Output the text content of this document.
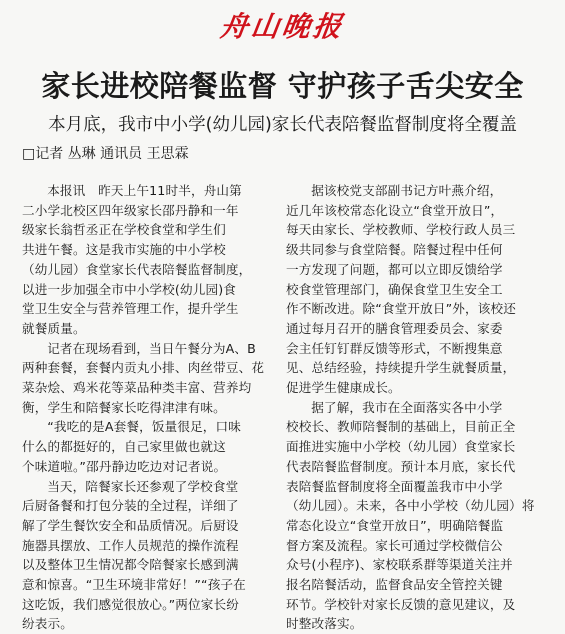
舟山晚报
家长进校陪餐监督 守护孩子舌尖安全
本月底，我市中小学(幼儿园)家长代表陪餐监督制度将全覆盖
□记者 丛琳 通讯员 王思霖
本报讯　昨天上午11时半，舟山第
二小学北校区四年级家长邵丹静和一年
级家长翁哲丞正在学校食堂和学生们
共进午餐。这是我市实施的中小学校
（幼儿园）食堂家长代表陪餐监督制度，
以进一步加强全市中小学校(幼儿园)食
堂卫生安全与营养管理工作，提升学生
就餐质量。
记者在现场看到，当日午餐分为A、B
两种套餐，套餐内贡丸小排、肉丝带豆、花
菜杂烩、鸡米花等菜品种类丰富、营养均
衡，学生和陪餐家长吃得津津有味。
“我吃的是A套餐，饭量很足，口味
什么的都挺好的，自己家里做也就这
个味道啦。”邵丹静边吃边对记者说。
当天，陪餐家长还参观了学校食堂
后厨备餐和打包分装的全过程，详细了
解了学生餐饮安全和品质情况。后厨设
施器具摆放、工作人员规范的操作流程
以及整体卫生情况都令陪餐家长感到满
意和惊喜。“卫生环境非常好！”“孩子在
这吃饭，我们感觉很放心。”两位家长纷
纷表示。
据该校党支部副书记方叶燕介绍，
近几年该校常态化设立“食堂开放日”，
每天由家长、学校教师、学校行政人员三
级共同参与食堂陪餐。陪餐过程中任何
一方发现了问题，都可以立即反馈给学
校食堂管理部门，确保食堂卫生安全工
作不断改进。除“食堂开放日”外，该校还
通过每月召开的膳食管理委员会、家委
会主任钉钉群反馈等形式，不断搜集意
见、总结经验，持续提升学生就餐质量，
促进学生健康成长。
据了解，我市在全面落实各中小学
校校长、教师陪餐制的基础上，目前正全
面推进实施中小学校（幼儿园）食堂家长
代表陪餐监督制度。预计本月底，家长代
表陪餐监督制度将全面覆盖我市中小学
（幼儿园）。未来，各中小学校（幼儿园）将
常态化设立“食堂开放日”，明确陪餐监
督方案及流程。家长可通过学校微信公
众号(小程序)、家校联系群等渠道关注并
报名陪餐活动，监督食品安全管控关键
环节。学校针对家长反馈的意见建议，及
时整改落实。
